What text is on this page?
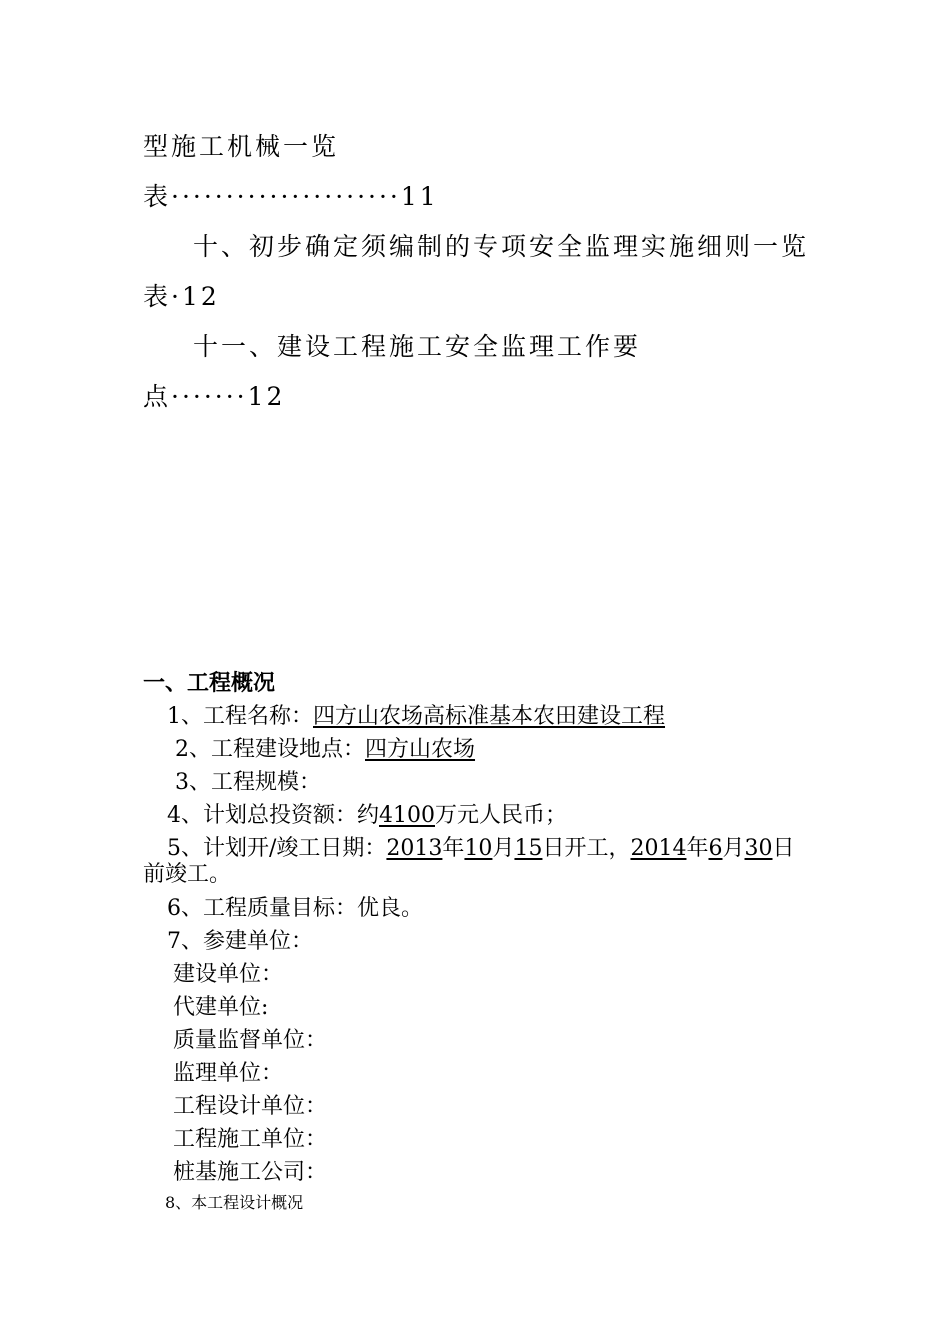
型施工机械一览
表·····················11
十、初步确定须编制的专项安全监理实施细则一览
表·12
十一、建设工程施工安全监理工作要
点·······12
一、工程概况
1、工程名称：四方山农场高标准基本农田建设工程
2、工程建设地点：四方山农场
3、工程规模：
4、计划总投资额：约4100万元人民币；
5、计划开/竣工日期：2013年10月15日开工，2014年6月30日
前竣工。
6、工程质量目标：优良。
7、参建单位：
建设单位：
代建单位:
质量监督单位：
监理单位：
工程设计单位：
工程施工单位：
桩基施工公司：
8、本工程设计概况
